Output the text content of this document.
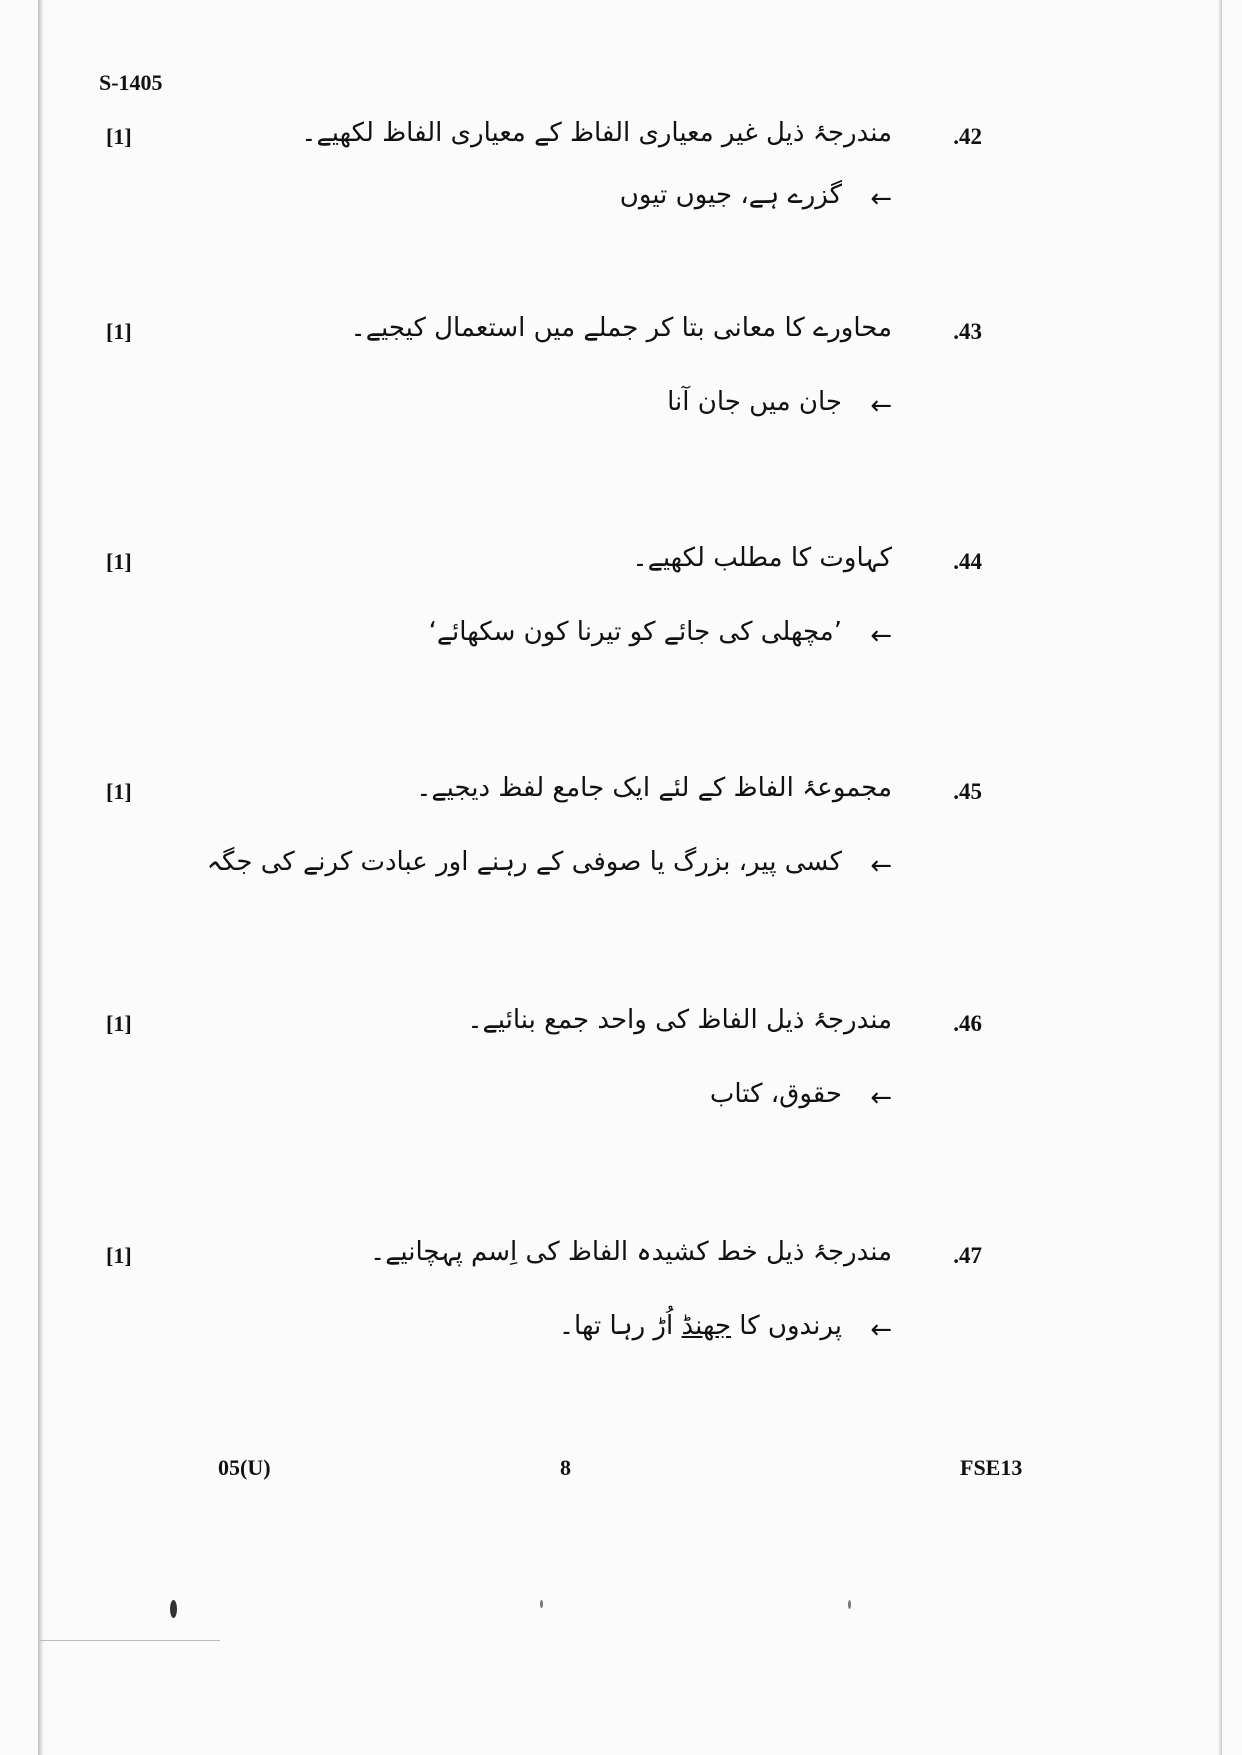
S-1405
[1]	.42
مندرجۂ ذیل غیر معیاری الفاظ کے معیاری الفاظ لکھیے۔
←
گزرے ہے، جیوں تیوں
[1]	.43
محاورے کا معانی بتا کر جملے میں استعمال کیجیے۔
←
جان میں جان آنا
[1]	.44
کہاوت کا مطلب لکھیے۔
←
’مچھلی کی جائے کو تیرنا کون سکھائے‘
[1]	.45
مجموعۂ الفاظ کے لئے ایک جامع لفظ دیجیے۔
←
کسی پیر، بزرگ یا صوفی کے رہنے اور عبادت کرنے کی جگہ
[1]	.46
مندرجۂ ذیل الفاظ کی واحد جمع بنائیے۔
←
حقوق، کتاب
[1]	.47
مندرجۂ ذیل خط کشیدہ الفاظ کی اِسم پہچانیے۔
←
پرندوں کا جھنڈ اُڑ رہا تھا۔
05(U)	8	FSE13
